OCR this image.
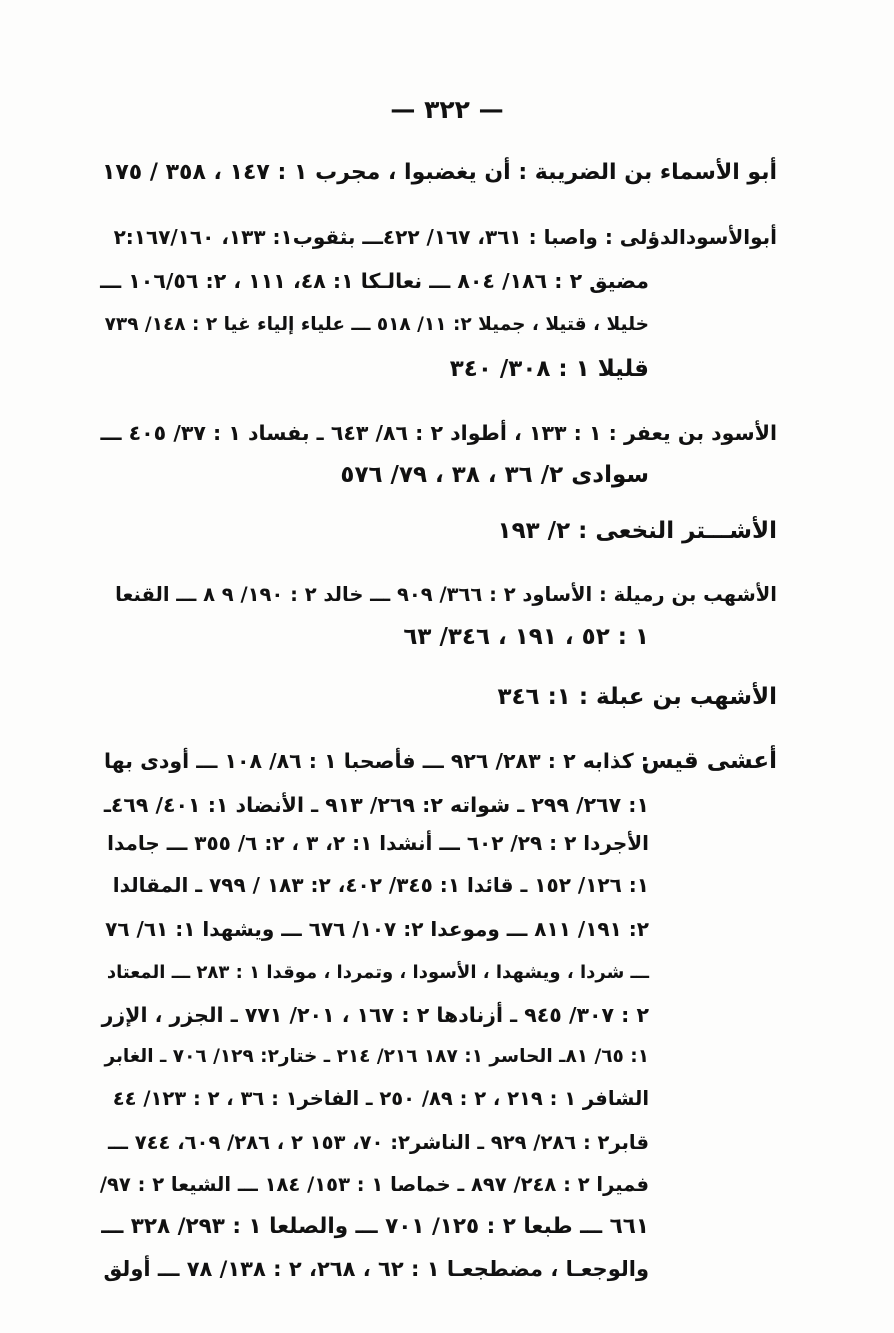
— ٣٢٢ —
أبو الأسماء بن الضريبة : أن يغضبوا ، مجرب ١ : ١٤٧ ، ٣٥٨ / ١٧٥
أبوالأسودالدؤلى : واصبا : ٣٦١، ١٦٧/ ٤٢٢ـــ بثقوب١: ١٣٣، ٢:١٦٧/١٦٠
مضيق ٢ : ١٨٦/ ٨٠٤ ـــ نعالـكا ١: ٤٨، ١١١ ، ٢: ١٠٦/٥٦ ـــ
خليلا ، قتيلا ، جميلا ٢: ١١/ ٥١٨ ـــ علياء إلياء غيا ٢ : ١٤٨/ ٧٣٩
قليلا ١ : ٣٠٨/ ٣٤٠
الأسود بن يعفر : ١ : ١٣٣ ، أطواد ٢ : ٨٦/ ٦٤٣ ـ بفساد ١ : ٣٧/ ٤٠٥ ـــ
سوادى ٢/ ٣٦ ، ٣٨ ، ٧٩/ ٥٧٦
الأشـــتر النخعى : ٢/ ١٩٣
الأشهب بن رميلة : الأساود ٢ : ٣٦٦/ ٩٠٩ ـــ خالد ٢ : ١٩٠/ ٩ ٨ ـــ القنعا
١ : ٥٢ ، ١٩١ ، ٣٤٦/ ٦٣
الأشهب بن عبلة : ١: ٣٤٦
أعشى قيس
: كذابه ٢ : ٢٨٣/ ٩٢٦ ـــ فأصحبا ١ : ٨٦/ ١٠٨ ـــ أودى بها
١: ٢٦٧/ ٢٩٩ ـ شواته ٢: ٢٦٩/ ٩١٣ ـ الأنضاد ١: ٤٠١/ ٤٦٩ـ
الأجردا ٢ : ٢٩/ ٦٠٢ ـــ أنشدا ١: ٢، ٣ ، ٢: ٦/ ٣٥٥ ـــ جامدا
١: ١٢٦/ ١٥٢ ـ قائدا ١: ٣٤٥/ ٤٠٢، ٢: ١٨٣ / ٧٩٩ ـ المقالدا
٢: ١٩١/ ٨١١ ـــ وموعدا ٢: ١٠٧/ ٦٧٦ ـــ ويشهدا ١: ٦١/ ٧٦
ـــ شردا ، ويشهدا ، الأسودا ، وتمردا ، موقدا ١ : ٢٨٣ ـــ المعتاد
٢ : ٣٠٧/ ٩٤٥ ـ أزنادها ٢ : ١٦٧ ، ٢٠١/ ٧٧١ ـ الجزر ، الإزر
١: ٦٥/ ٨١ـ الحاسر ١: ١٨٧ ٢١٦/ ٢١٤ ـ ختار٢: ١٢٩/ ٧٠٦ ـ الغابر
الشافر ١ : ٢١٩ ، ٢ : ٨٩/ ٢٥٠ ـ الفاخر١ : ٣٦ ، ٢ : ١٢٣/ ٤٤
قابر٢ : ٢٨٦/ ٩٢٩ ـ الناشر٢: ٧٠، ١٥٣ ٢ ، ٢٨٦/ ٦٠٩، ٧٤٤ ـــ
فميرا ٢ : ٢٤٨/ ٨٩٧ ـ خماصا ١ : ١٥٣/ ١٨٤ ـــ الشيعا ٢ : ٩٧/
٦٦١ ـــ طبعا ٢ : ١٢٥/ ٧٠١ ـــ والصلعا ١ : ٢٩٣/ ٣٢٨ ـــ
والوجعـا ، مضطجعـا ١ : ٦٢ ، ٢٦٨، ٢ : ١٣٨/ ٧٨ ـــ أولق
